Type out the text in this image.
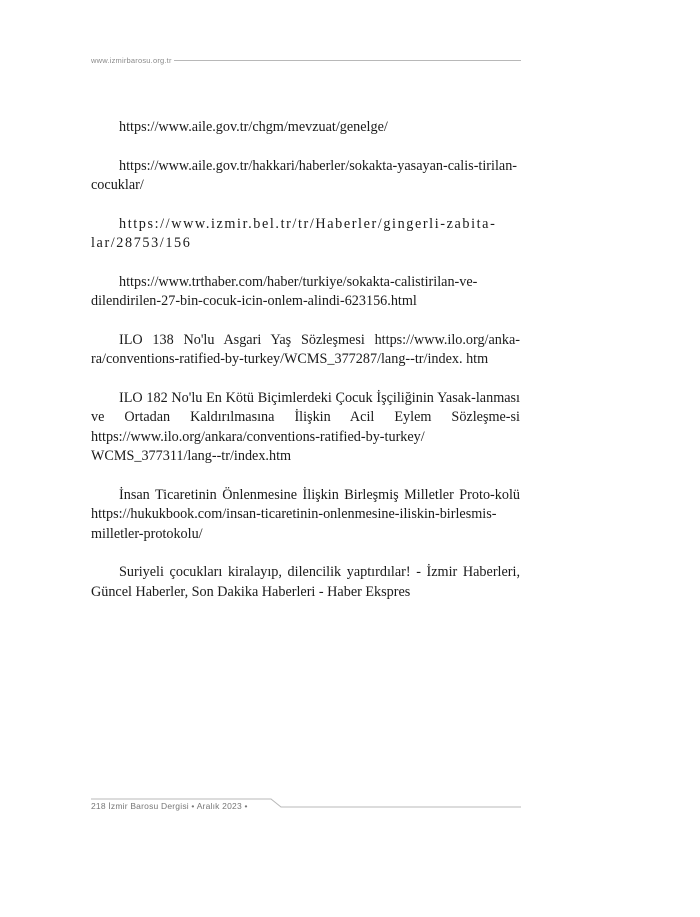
www.izmirbarosu.org.tr

https://www.aile.gov.tr/chgm/mevzuat/genelge/

https://www.aile.gov.tr/hakkari/haberler/sokakta-yasayan-calis-tirilan-cocuklar/

https://www.izmir.bel.tr/tr/Haberler/gingerli-zabita-lar/28753/156

https://www.trthaber.com/haber/turkiye/sokakta-calistirilan-ve-dilendirilen-27-bin-cocuk-icin-onlem-alindi-623156.html

ILO 138 No'lu Asgari Yaş Sözleşmesi https://www.ilo.org/anka-ra/conventions-ratified-by-turkey/WCMS_377287/lang--tr/index. htm

ILO 182 No'lu En Kötü Biçimlerdeki Çocuk İşçiliğinin Yasak-lanması ve Ortadan Kaldırılmasına İlişkin Acil Eylem Sözleşme-si https://www.ilo.org/ankara/conventions-ratified-by-turkey/ WCMS_377311/lang--tr/index.htm

İnsan Ticaretinin Önlenmesine İlişkin Birleşmiş Milletler Proto-kolü https://hukukbook.com/insan-ticaretinin-onlenmesine-iliskin-birlesmis-milletler-protokolu/

Suriyeli çocukları kiralayıp, dilencilik yaptırdılar! - İzmir Haberleri, Güncel Haberler, Son Dakika Haberleri - Haber Ekspres

218 İzmir Barosu Dergisi • Aralık 2023 •
